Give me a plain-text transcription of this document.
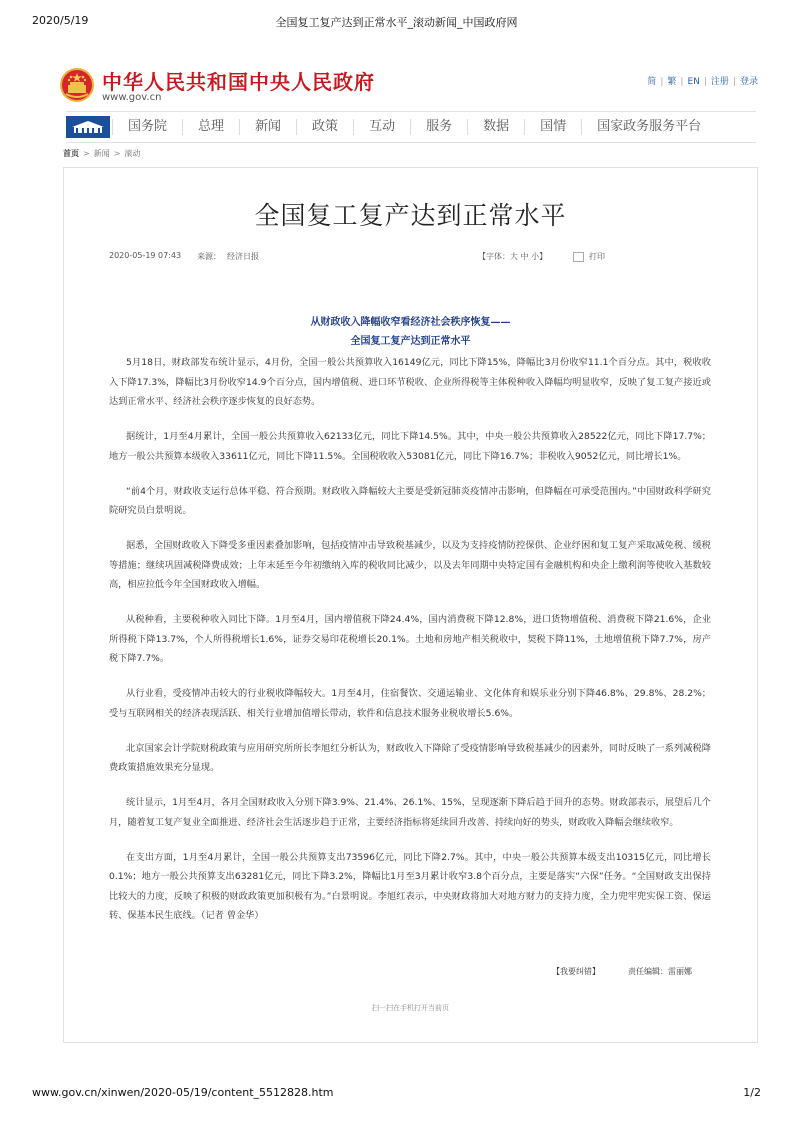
2020/5/19	全国复工复产达到正常水平_滚动新闻_中国政府网
中华人民共和国中央人民政府
www.gov.cn
简 | 繁 | EN | 注册 | 登录
国务院	总理	新闻	政策	互动	服务	数据	国情	国家政务服务平台
首页 > 新闻 > 滚动
全国复工复产达到正常水平
2020-05-19 07:43 来源： 经济日报	【字体：大 中 小】	打印
从财政收入降幅收窄看经济社会秩序恢复——
全国复工复产达到正常水平

5月18日，财政部发布统计显示，4月份，全国一般公共预算收入16149亿元，同比下降15%，降幅比3月份收窄11.1个百分点。其中，税收收入下降17.3%，降幅比3月份收窄14.9个百分点，国内增值税、进口环节税收、企业所得税等主体税种收入降幅均明显收窄，反映了复工复产接近或达到正常水平、经济社会秩序逐步恢复的良好态势。

据统计，1月至4月累计，全国一般公共预算收入62133亿元，同比下降14.5%。其中，中央一般公共预算收入28522亿元，同比下降17.7%；地方一般公共预算本级收入33611亿元，同比下降11.5%。全国税收收入53081亿元，同比下降16.7%；非税收入9052亿元，同比增长1%。

“前4个月，财政收支运行总体平稳、符合预期。财政收入降幅较大主要是受新冠肺炎疫情冲击影响，但降幅在可承受范围内。”中国财政科学研究院研究员白景明说。

据悉，全国财政收入下降受多重因素叠加影响，包括疫情冲击导致税基减少，以及为支持疫情防控保供、企业纾困和复工复产采取减免税、缓税等措施；继续巩固减税降费成效；上年末延至今年初缴纳入库的税收同比减少，以及去年同期中央特定国有金融机构和央企上缴利润等使收入基数较高，相应拉低今年全国财政收入增幅。

从税种看，主要税种收入同比下降。1月至4月，国内增值税下降24.4%，国内消费税下降12.8%，进口货物增值税、消费税下降21.6%，企业所得税下降13.7%，个人所得税增长1.6%，证券交易印花税增长20.1%。土地和房地产相关税收中，契税下降11%，土地增值税下降7.7%，房产税下降7.7%。

从行业看，受疫情冲击较大的行业税收降幅较大。1月至4月，住宿餐饮、交通运输业、文化体育和娱乐业分别下降46.8%、29.8%、28.2%；受与互联网相关的经济表现活跃、相关行业增加值增长带动，软件和信息技术服务业税收增长5.6%。

北京国家会计学院财税政策与应用研究所所长李旭红分析认为，财政收入下降除了受疫情影响导致税基减少的因素外，同时反映了一系列减税降费政策措施效果充分显现。

统计显示，1月至4月，各月全国财政收入分别下降3.9%、21.4%、26.1%、15%，呈现逐渐下降后趋于回升的态势。财政部表示，展望后几个月，随着复工复产复业全面推进、经济社会生活逐步趋于正常，主要经济指标将延续回升改善、持续向好的势头，财政收入降幅会继续收窄。

在支出方面，1月至4月累计，全国一般公共预算支出73596亿元，同比下降2.7%。其中，中央一般公共预算本级支出10315亿元，同比增长0.1%；地方一般公共预算支出63281亿元，同比下降3.2%，降幅比1月至3月累计收窄3.8个百分点，主要是落实“六保”任务。“全国财政支出保持比较大的力度，反映了积极的财政政策更加积极有为。”白景明说。李旭红表示，中央财政将加大对地方财力的支持力度，全力兜牢兜实保工资、保运转、保基本民生底线。（记者 曾金华）

【我要纠错】	责任编辑：雷丽娜
扫一扫在手机打开当前页
www.gov.cn/xinwen/2020-05/19/content_5512828.htm	1/2
